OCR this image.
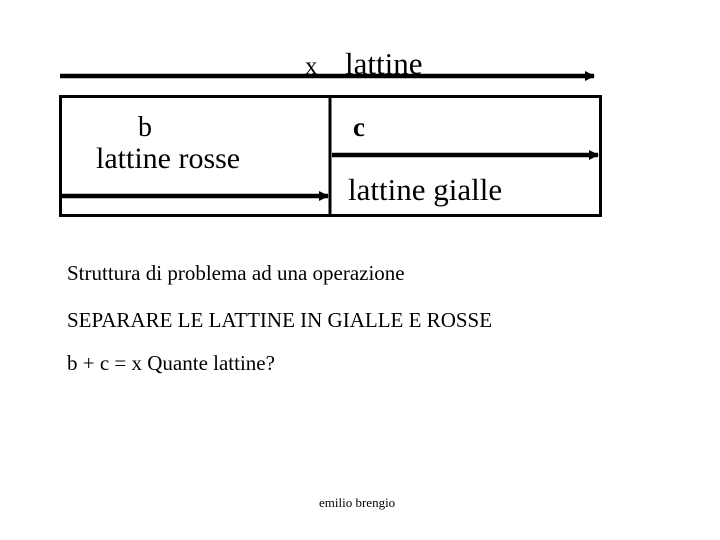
x lattine
b
lattine rosse
c
lattine gialle
Struttura di problema ad una operazione
SEPARARE LE LATTINE IN GIALLE E ROSSE
b + c = x Quante lattine?
emilio brengio
